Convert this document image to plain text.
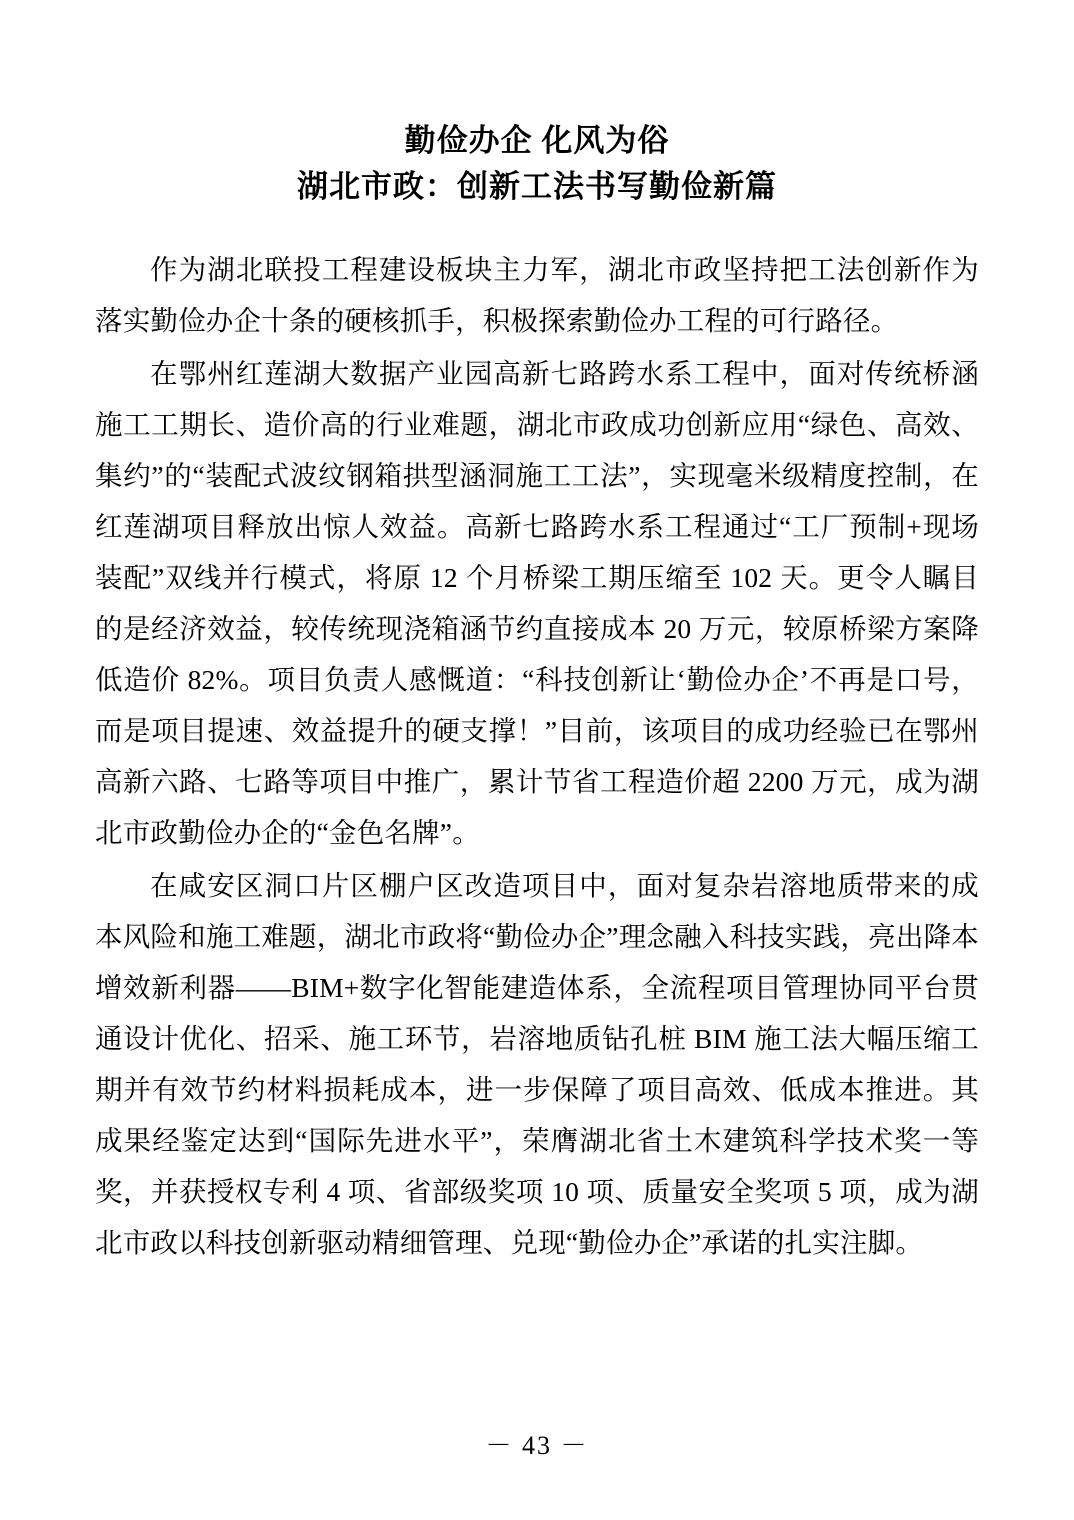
勤俭办企 化风为俗
湖北市政：创新工法书写勤俭新篇

作为湖北联投工程建设板块主力军，湖北市政坚持把工法创新作为落实勤俭办企十条的硬核抓手，积极探索勤俭办工程的可行路径。

在鄂州红莲湖大数据产业园高新七路跨水系工程中，面对传统桥涵施工工期长、造价高的行业难题，湖北市政成功创新应用“绿色、高效、集约”的“装配式波纹钢箱拱型涵洞施工工法”，实现毫米级精度控制，在红莲湖项目释放出惊人效益。高新七路跨水系工程通过“工厂预制+现场装配”双线并行模式，将原 12 个月桥梁工期压缩至 102 天。更令人瞩目的是经济效益，较传统现浇箱涵节约直接成本 20 万元，较原桥梁方案降低造价 82%。项目负责人感慨道：“科技创新让‘勤俭办企’不再是口号，而是项目提速、效益提升的硬支撑！”目前，该项目的成功经验已在鄂州高新六路、七路等项目中推广，累计节省工程造价超 2200 万元，成为湖北市政勤俭办企的“金色名牌”。

在咸安区洞口片区棚户区改造项目中，面对复杂岩溶地质带来的成本风险和施工难题，湖北市政将“勤俭办企”理念融入科技实践，亮出降本增效新利器——BIM+数字化智能建造体系，全流程项目管理协同平台贯通设计优化、招采、施工环节，岩溶地质钻孔桩 BIM 施工法大幅压缩工期并有效节约材料损耗成本，进一步保障了项目高效、低成本推进。其成果经鉴定达到“国际先进水平”，荣膺湖北省土木建筑科学技术奖一等奖，并获授权专利 4 项、省部级奖项 10 项、质量安全奖项 5 项，成为湖北市政以科技创新驱动精细管理、兑现“勤俭办企”承诺的扎实注脚。

－ 43 －
